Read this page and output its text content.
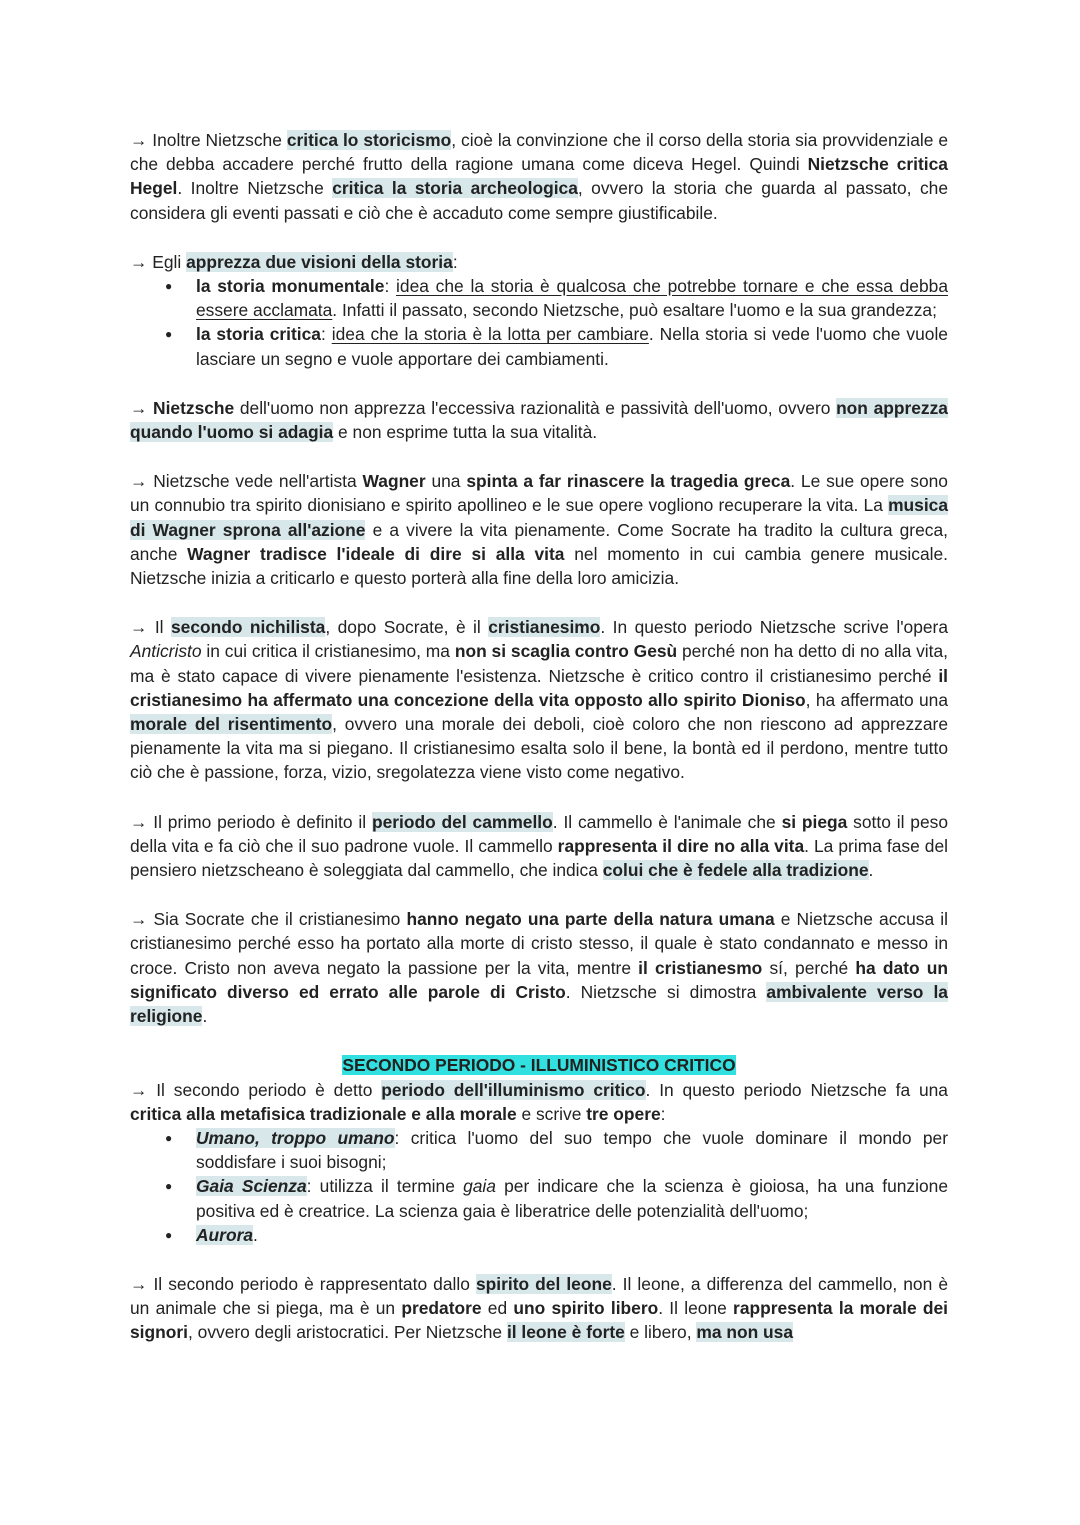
→ Inoltre Nietzsche critica lo storicismo, cioè la convinzione che il corso della storia sia provvidenziale e che debba accadere perché frutto della ragione umana come diceva Hegel. Quindi Nietzsche critica Hegel. Inoltre Nietzsche critica la storia archeologica, ovvero la storia che guarda al passato, che considera gli eventi passati e ciò che è accaduto come sempre giustificabile.

→ Egli apprezza due visioni della storia:

● la storia monumentale: idea che la storia è qualcosa che potrebbe tornare e che essa debba essere acclamata. Infatti il passato, secondo Nietzsche, può esaltare l'uomo e la sua grandezza;
● la storia critica: idea che la storia è la lotta per cambiare. Nella storia si vede l'uomo che vuole lasciare un segno e vuole apportare dei cambiamenti.

→ Nietzsche dell'uomo non apprezza l'eccessiva razionalità e passività dell'uomo, ovvero non apprezza quando l'uomo si adagia e non esprime tutta la sua vitalità.

→ Nietzsche vede nell'artista Wagner una spinta a far rinascere la tragedia greca. Le sue opere sono un connubio tra spirito dionisiano e spirito apollineo e le sue opere vogliono recuperare la vita. La musica di Wagner sprona all'azione e a vivere la vita pienamente. Come Socrate ha tradito la cultura greca, anche Wagner tradisce l'ideale di dire si alla vita nel momento in cui cambia genere musicale. Nietzsche inizia a criticarlo e questo porterà alla fine della loro amicizia.

→ Il secondo nichilista, dopo Socrate, è il cristianesimo. In questo periodo Nietzsche scrive l'opera Anticristo in cui critica il cristianesimo, ma non si scaglia contro Gesù perché non ha detto di no alla vita, ma è stato capace di vivere pienamente l'esistenza. Nietzsche è critico contro il cristianesimo perché il cristianesimo ha affermato una concezione della vita opposto allo spirito Dioniso, ha affermato una morale del risentimento, ovvero una morale dei deboli, cioè coloro che non riescono ad apprezzare pienamente la vita ma si piegano. Il cristianesimo esalta solo il bene, la bontà ed il perdono, mentre tutto ciò che è passione, forza, vizio, sregolatezza viene visto come negativo.

→ Il primo periodo è definito il periodo del cammello. Il cammello è l'animale che si piega sotto il peso della vita e fa ciò che il suo padrone vuole. Il cammello rappresenta il dire no alla vita. La prima fase del pensiero nietzscheano è soleggiata dal cammello, che indica colui che è fedele alla tradizione.

→ Sia Socrate che il cristianesimo hanno negato una parte della natura umana e Nietzsche accusa il cristianesimo perché esso ha portato alla morte di cristo stesso, il quale è stato condannato e messo in croce. Cristo non aveva negato la passione per la vita, mentre il cristianesmo sí, perché ha dato un significato diverso ed errato alle parole di Cristo. Nietzsche si dimostra ambivalente verso la religione.

SECONDO PERIODO - ILLUMINISTICO CRITICO

→ Il secondo periodo è detto periodo dell'illuminismo critico. In questo periodo Nietzsche fa una critica alla metafisica tradizionale e alla morale e scrive tre opere:

● Umano, troppo umano: critica l'uomo del suo tempo che vuole dominare il mondo per soddisfare i suoi bisogni;
● Gaia Scienza: utilizza il termine gaia per indicare che la scienza è gioiosa, ha una funzione positiva ed è creatrice. La scienza gaia è liberatrice delle potenzialità dell'uomo;
● Aurora.

→ Il secondo periodo è rappresentato dallo spirito del leone. Il leone, a differenza del cammello, non è un animale che si piega, ma è un predatore ed uno spirito libero. Il leone rappresenta la morale dei signori, ovvero degli aristocratici. Per Nietzsche il leone è forte e libero, ma non usa
